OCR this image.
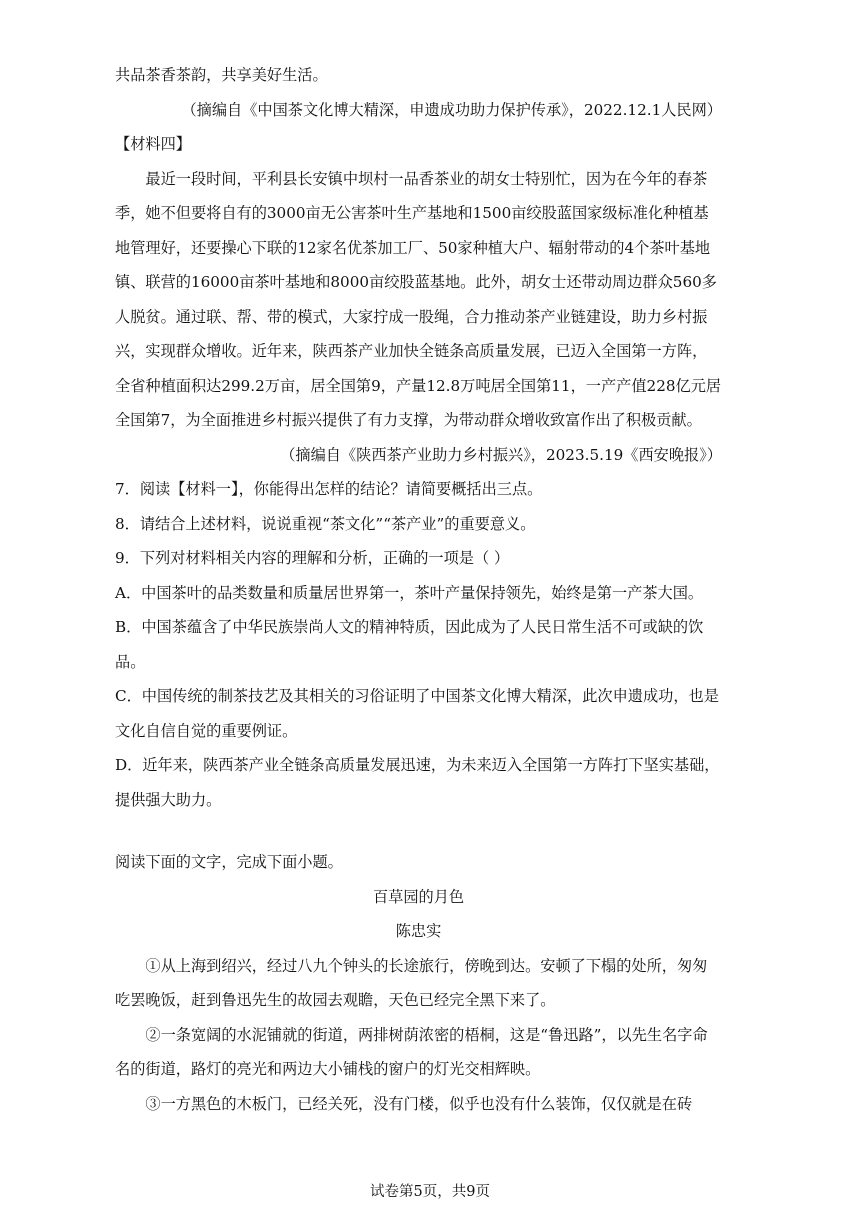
共品茶香茶韵，共享美好生活。

（摘编自《中国茶文化博大精深，申遗成功助力保护传承》，2022.12.1人民网）

【材料四】

最近一段时间，平利县长安镇中坝村一品香茶业的胡女士特别忙，因为在今年的春茶季，她不但要将自有的3000亩无公害茶叶生产基地和1500亩绞股蓝国家级标准化种植基地管理好，还要操心下联的12家名优茶加工厂、50家种植大户、辐射带动的4个茶叶基地镇、联营的16000亩茶叶基地和8000亩绞股蓝基地。此外，胡女士还带动周边群众560多人脱贫。通过联、帮、带的模式，大家拧成一股绳，合力推动茶产业链建设，助力乡村振兴，实现群众增收。近年来，陕西茶产业加快全链条高质量发展，已迈入全国第一方阵，全省种植面积达299.2万亩，居全国第9，产量12.8万吨居全国第11，一产产值228亿元居全国第7，为全面推进乡村振兴提供了有力支撑，为带动群众增收致富作出了积极贡献。

（摘编自《陕西茶产业助力乡村振兴》，2023.5.19《西安晚报》）

7．阅读【材料一】，你能得出怎样的结论？请简要概括出三点。

8．请结合上述材料，说说重视“茶文化”“茶产业”的重要意义。

9．下列对材料相关内容的理解和分析，正确的一项是（ ）

A．中国茶叶的品类数量和质量居世界第一，茶叶产量保持领先，始终是第一产茶大国。

B．中国茶蕴含了中华民族崇尚人文的精神特质，因此成为了人民日常生活不可或缺的饮品。

C．中国传统的制茶技艺及其相关的习俗证明了中国茶文化博大精深，此次申遗成功，也是文化自信自觉的重要例证。

D．近年来，陕西茶产业全链条高质量发展迅速，为未来迈入全国第一方阵打下坚实基础，提供强大助力。

阅读下面的文字，完成下面小题。

百草园的月色

陈忠实

①从上海到绍兴，经过八九个钟头的长途旅行，傍晚到达。安顿了下榻的处所，匆匆吃罢晚饭，赶到鲁迅先生的故园去观瞻，天色已经完全黑下来了。

②一条宽阔的水泥铺就的街道，两排树荫浓密的梧桐，这是“鲁迅路”，以先生名字命名的街道，路灯的亮光和两边大小铺栈的窗户的灯光交相辉映。

③一方黑色的木板门，已经关死，没有门楼，似乎也没有什么装饰，仅仅就是在砖

试卷第5页，共9页
